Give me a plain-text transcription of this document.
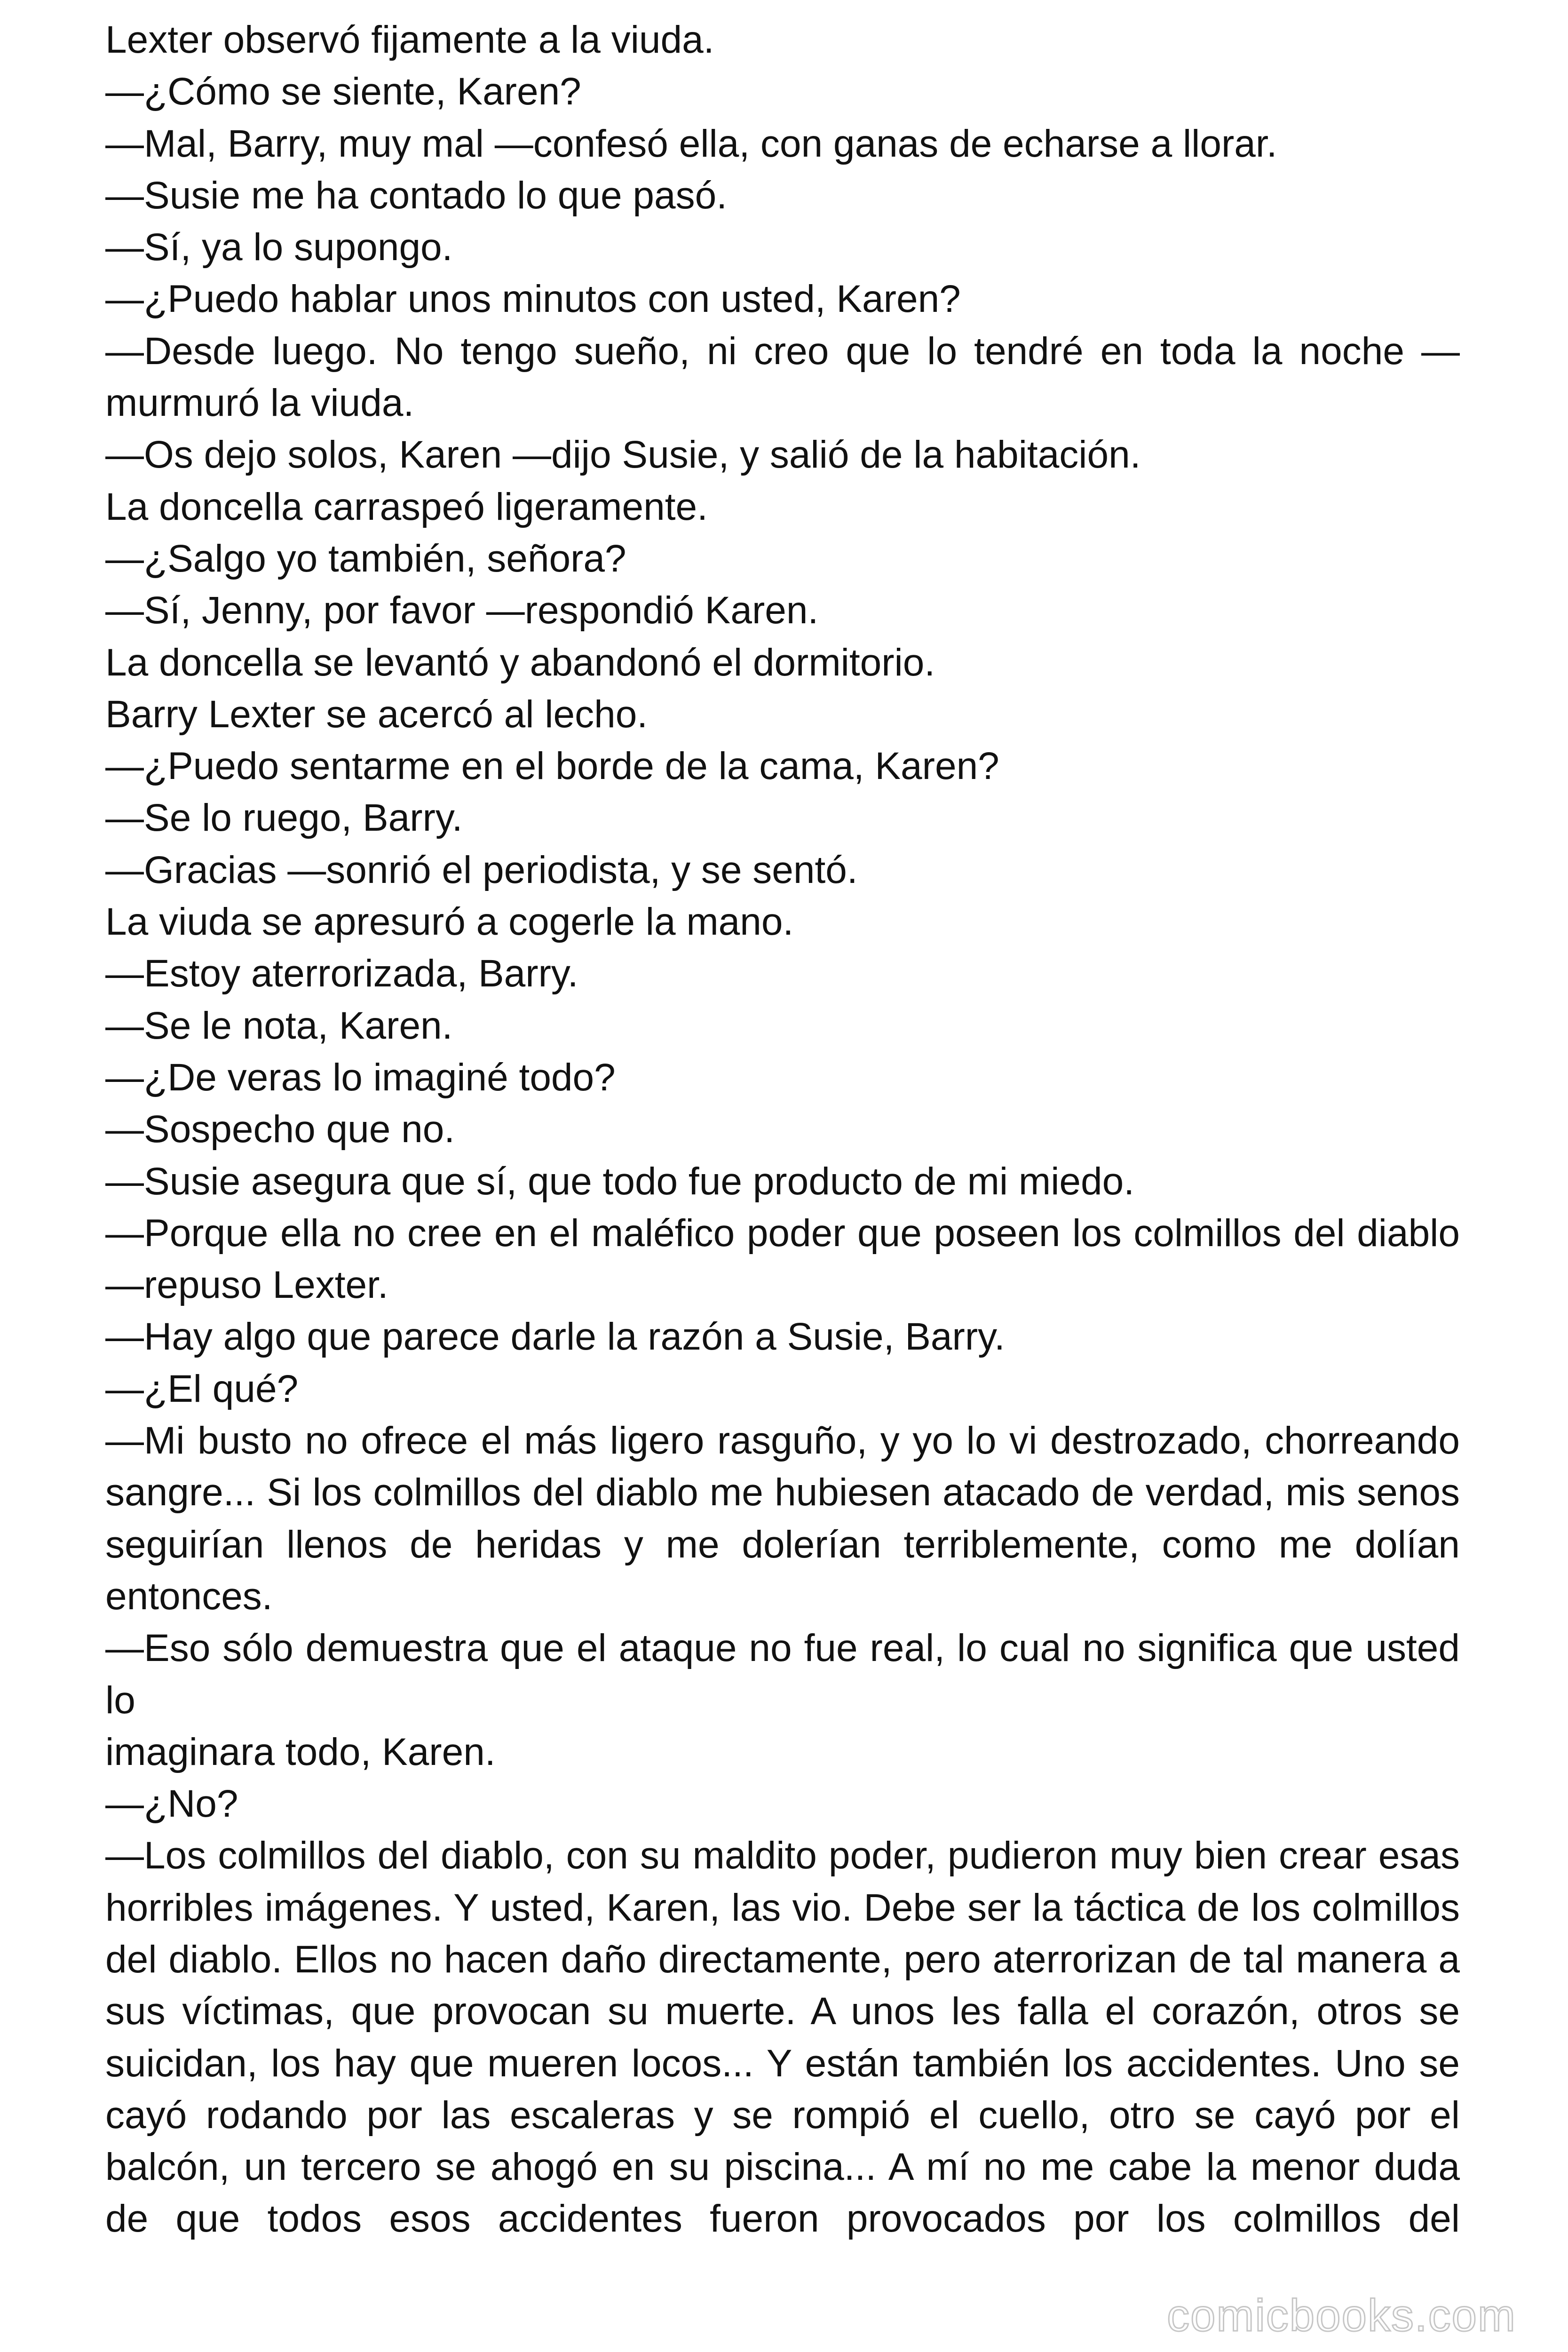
Lexter observó fijamente a la viuda.

—¿Cómo se siente, Karen?

—Mal, Barry, muy mal —confesó ella, con ganas de echarse a llorar.

—Susie me ha contado lo que pasó.

—Sí, ya lo supongo.

—¿Puedo hablar unos minutos con usted, Karen?

—Desde luego. No tengo sueño, ni creo que lo tendré en toda la noche —murmuró la viuda.

—Os dejo solos, Karen —dijo Susie, y salió de la habitación.

La doncella carraspeó ligeramente.

—¿Salgo yo también, señora?

—Sí, Jenny, por favor —respondió Karen.

La doncella se levantó y abandonó el dormitorio.

Barry Lexter se acercó al lecho.

—¿Puedo sentarme en el borde de la cama, Karen?

—Se lo ruego, Barry.

—Gracias —sonrió el periodista, y se sentó.

La viuda se apresuró a cogerle la mano.

—Estoy aterrorizada, Barry.

—Se le nota, Karen.

—¿De veras lo imaginé todo?

—Sospecho que no.

—Susie asegura que sí, que todo fue producto de mi miedo.

—Porque ella no cree en el maléfico poder que poseen los colmillos del diablo —repuso Lexter.

—Hay algo que parece darle la razón a Susie, Barry.

—¿El qué?

—Mi busto no ofrece el más ligero rasguño, y yo lo vi destrozado, chorreando sangre... Si los colmillos del diablo me hubiesen atacado de verdad, mis senos seguirían llenos de heridas y me dolerían terriblemente, como me dolían entonces.

—Eso sólo demuestra que el ataque no fue real, lo cual no significa que usted lo

imaginara todo, Karen.

—¿No?

—Los colmillos del diablo, con su maldito poder, pudieron muy bien crear esas horribles imágenes. Y usted, Karen, las vio. Debe ser la táctica de los colmillos del diablo. Ellos no hacen daño directamente, pero aterrorizan de tal manera a sus víctimas, que provocan su muerte. A unos les falla el corazón, otros se suicidan, los hay que mueren locos... Y están también los accidentes. Uno se cayó rodando por las escaleras y se rompió el cuello, otro se cayó por el balcón, un tercero se ahogó en su piscina... A mí no me cabe la menor duda de que todos esos accidentes fueron provocados por los colmillos del

comicbooks.com
